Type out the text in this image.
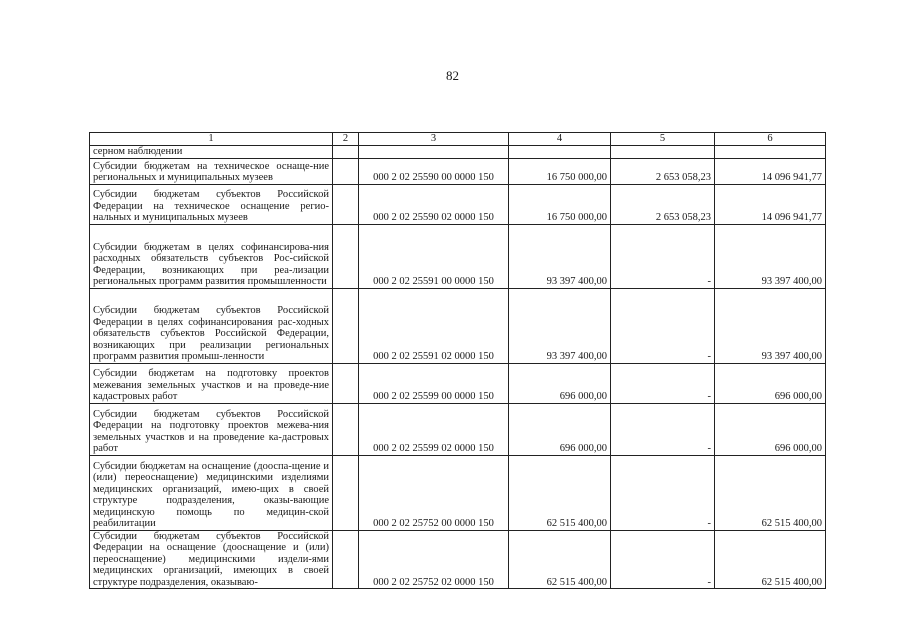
82
1	2	3	4	5	6
серном наблюдении					
Субсидии бюджетам на техническое оснаще-ние региональных и муниципальных музеев		000 2 02 25590 00 0000 150	16 750 000,00	2 653 058,23	14 096 941,77
Субсидии бюджетам субъектов Российской Федерации на техническое оснащение регио-нальных и муниципальных музеев		000 2 02 25590 02 0000 150	16 750 000,00	2 653 058,23	14 096 941,77
Субсидии бюджетам в целях софинансирова-ния расходных обязательств субъектов Рос-сийской Федерации, возникающих при реа-лизации региональных программ развития промышленности		000 2 02 25591 00 0000 150	93 397 400,00	-	93 397 400,00
Субсидии бюджетам субъектов Российской Федерации в целях софинансирования рас-ходных обязательств субъектов Российской Федерации, возникающих при реализации региональных программ развития промыш-ленности		000 2 02 25591 02 0000 150	93 397 400,00	-	93 397 400,00
Субсидии бюджетам на подготовку проектов межевания земельных участков и на проведе-ние кадастровых работ		000 2 02 25599 00 0000 150	696 000,00	-	696 000,00
Субсидии бюджетам субъектов Российской Федерации на подготовку проектов межева-ния земельных участков и на проведение ка-дастровых работ		000 2 02 25599 02 0000 150	696 000,00	-	696 000,00
Субсидии бюджетам на оснащение (дооспа-щение и (или) переоснащение) медицинскими изделиями медицинских организаций, имею-щих в своей структуре подразделения, оказы-вающие медицинскую помощь по медицин-ской реабилитации		000 2 02 25752 00 0000 150	62 515 400,00	-	62 515 400,00
Субсидии бюджетам субъектов Российской Федерации на оснащение (дооснащение и (или) переоснащение) медицинскими издели-ями медицинских организаций, имеющих в своей структуре подразделения, оказываю-		000 2 02 25752 02 0000 150	62 515 400,00	-	62 515 400,00
